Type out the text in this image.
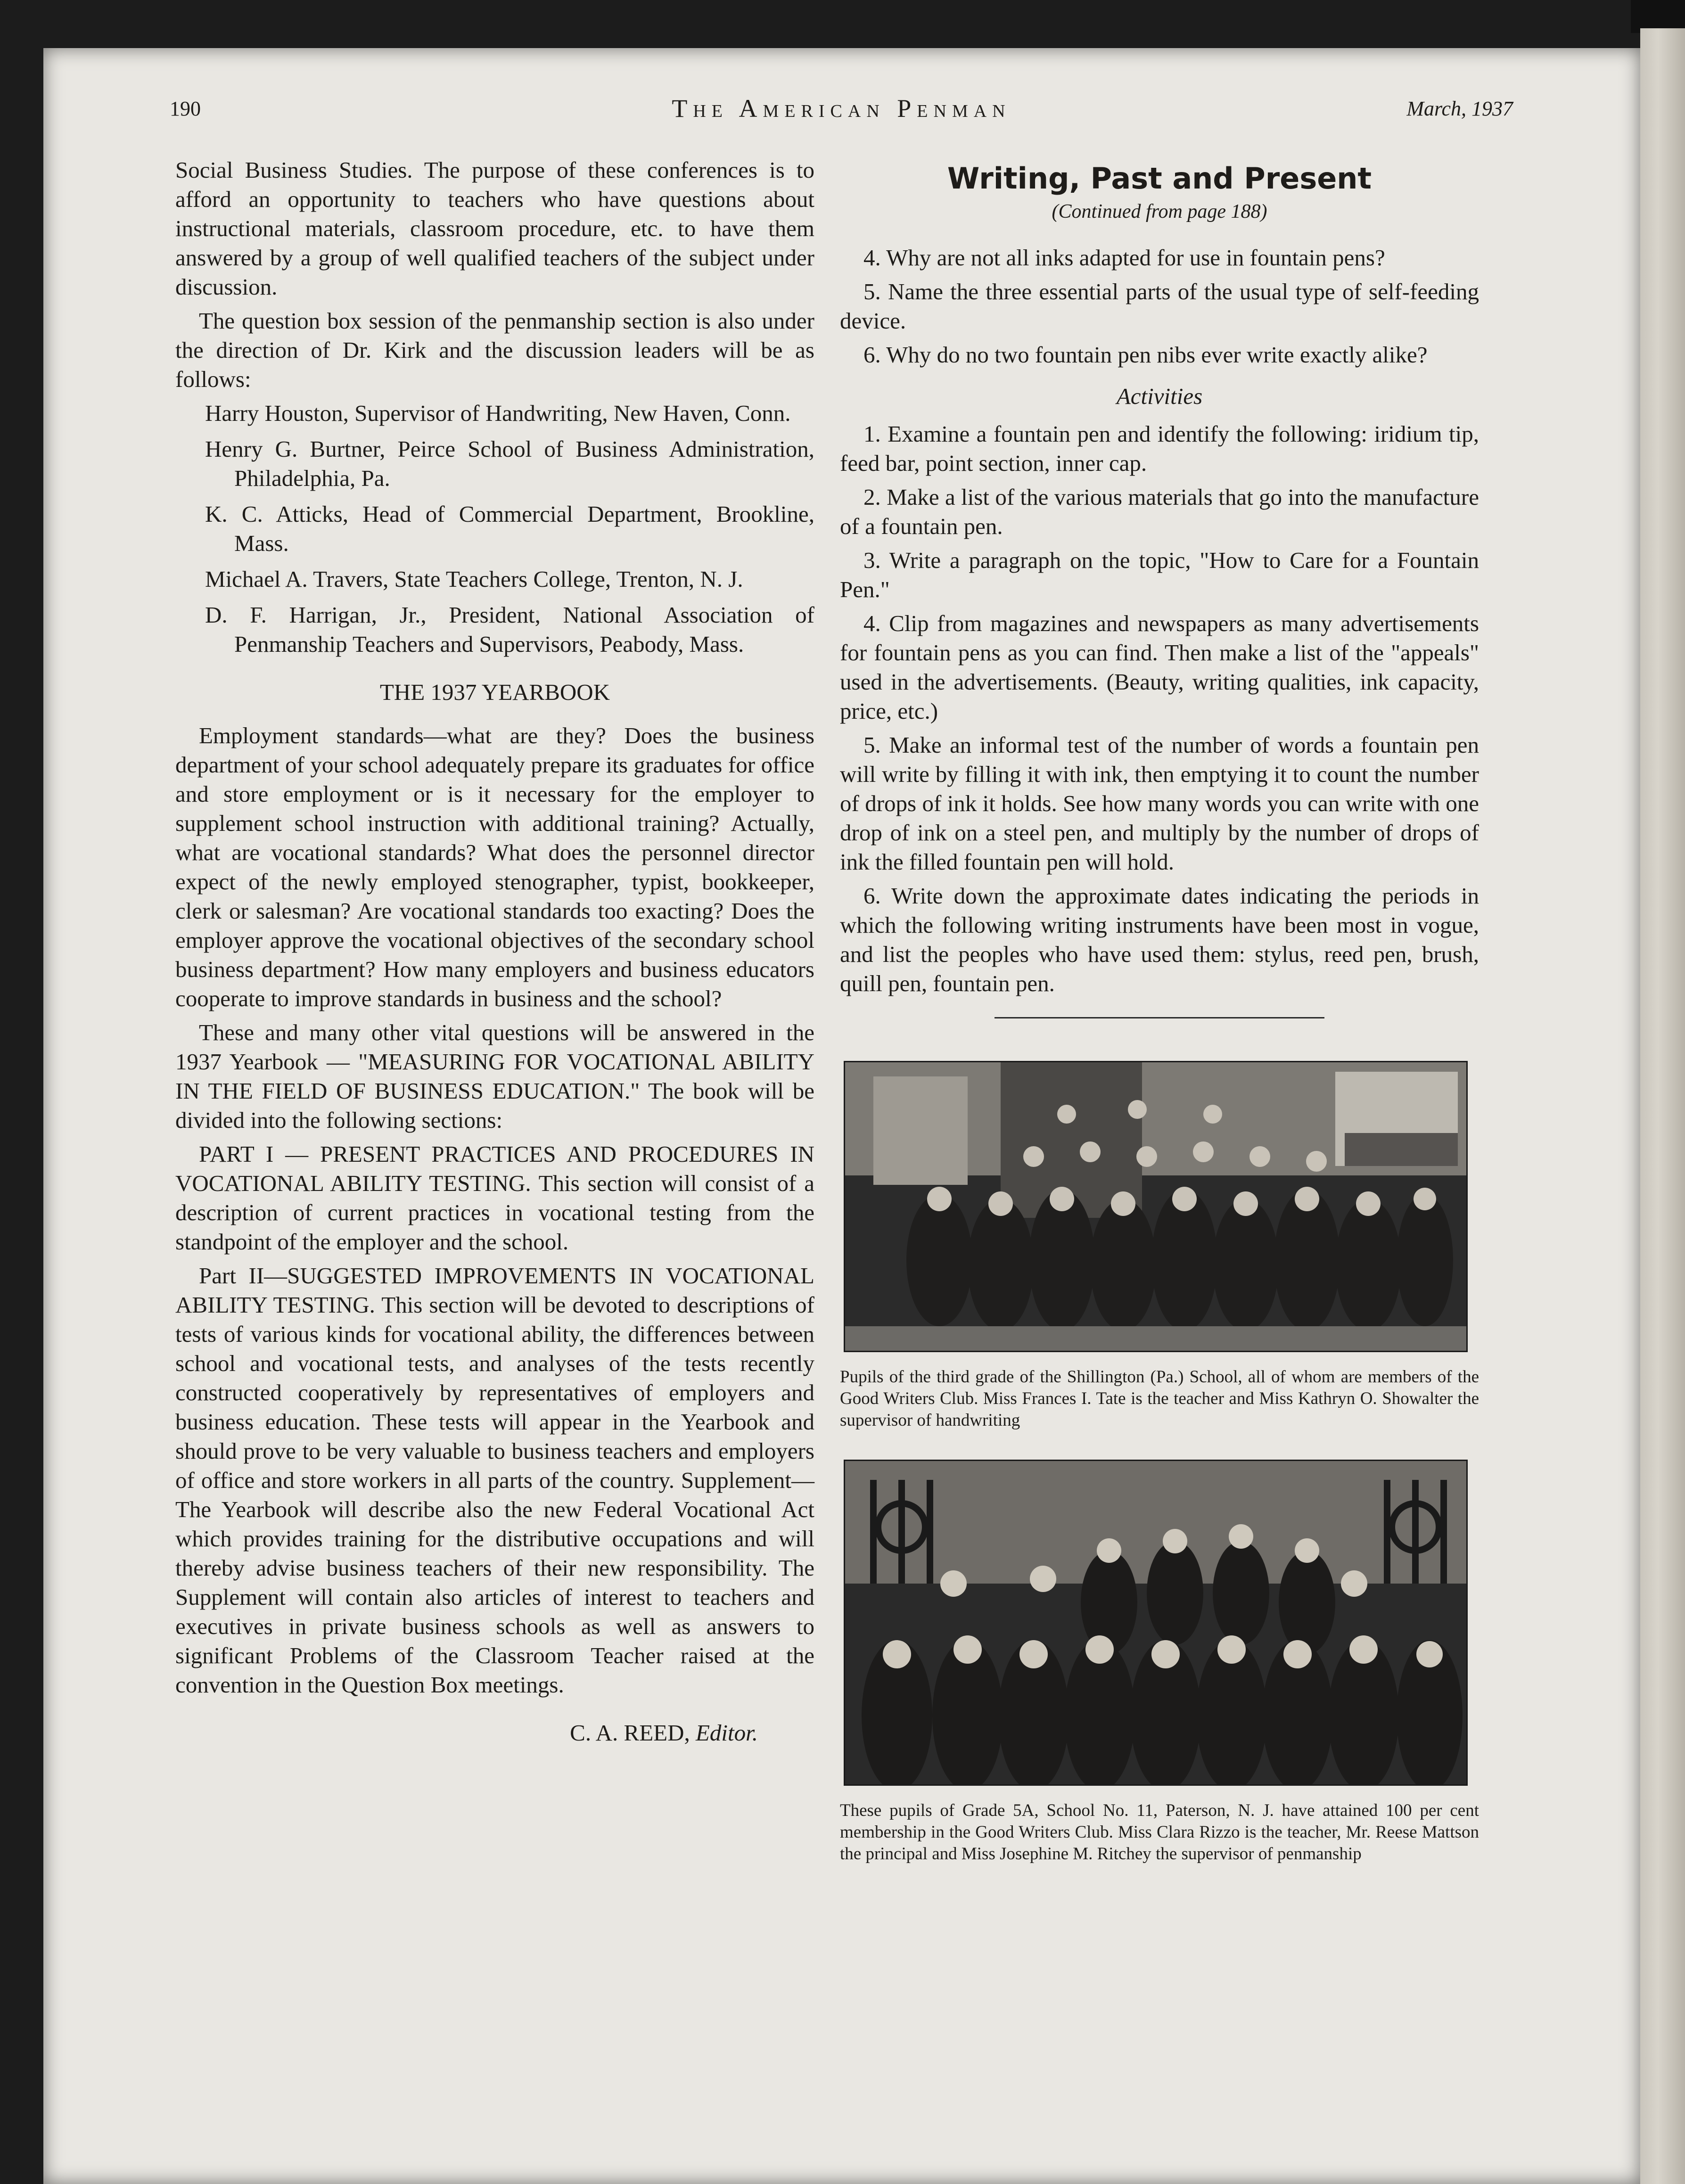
190	The American Penman	March, 1937

Social Business Studies. The purpose of these conferences is to afford an opportunity to teachers who have questions about instructional materials, classroom procedure, etc. to have them answered by a group of well qualified teachers of the subject under discussion.

The question box session of the penmanship section is also under the direction of Dr. Kirk and the discussion leaders will be as follows:

Harry Houston, Supervisor of Handwriting, New Haven, Conn.

Henry G. Burtner, Peirce School of Business Administration, Philadelphia, Pa.

K. C. Atticks, Head of Commercial Department, Brookline, Mass.

Michael A. Travers, State Teachers College, Trenton, N. J.

D. F. Harrigan, Jr., President, National Association of Penmanship Teachers and Supervisors, Peabody, Mass.

THE 1937 YEARBOOK

Employment standards—what are they? Does the business department of your school adequately prepare its graduates for office and store employment or is it necessary for the employer to supplement school instruction with additional training? Actually, what are vocational standards? What does the personnel director expect of the newly employed stenographer, typist, bookkeeper, clerk or salesman? Are vocational standards too exacting? Does the employer approve the vocational objectives of the secondary school business department? How many employers and business educators cooperate to improve standards in business and the school?

These and many other vital questions will be answered in the 1937 Yearbook — "MEASURING FOR VOCATIONAL ABILITY IN THE FIELD OF BUSINESS EDUCATION." The book will be divided into the following sections:

PART I — PRESENT PRACTICES AND PROCEDURES IN VOCATIONAL ABILITY TESTING. This section will consist of a description of current practices in vocational testing from the standpoint of the employer and the school.

Part II—SUGGESTED IMPROVEMENTS IN VOCATIONAL ABILITY TESTING. This section will be devoted to descriptions of tests of various kinds for vocational ability, the differences between school and vocational tests, and analyses of the tests recently constructed cooperatively by representatives of employers and business education. These tests will appear in the Yearbook and should prove to be very valuable to business teachers and employers of office and store workers in all parts of the country. Supplement—The Yearbook will describe also the new Federal Vocational Act which provides training for the distributive occupations and will thereby advise business teachers of their new responsibility. The Supplement will contain also articles of interest to teachers and executives in private business schools as well as answers to significant Problems of the Classroom Teacher raised at the convention in the Question Box meetings.

C. A. REED, Editor.
Writing, Past and Present
(Continued from page 188)

4. Why are not all inks adapted for use in fountain pens?

5. Name the three essential parts of the usual type of self-feeding device.

6. Why do no two fountain pen nibs ever write exactly alike?

Activities

1. Examine a fountain pen and identify the following: iridium tip, feed bar, point section, inner cap.

2. Make a list of the various materials that go into the manufacture of a fountain pen.

3. Write a paragraph on the topic, "How to Care for a Fountain Pen."

4. Clip from magazines and newspapers as many advertisements for fountain pens as you can find. Then make a list of the "appeals" used in the advertisements. (Beauty, writing qualities, ink capacity, price, etc.)

5. Make an informal test of the number of words a fountain pen will write by filling it with ink, then emptying it to count the number of drops of ink it holds. See how many words you can write with one drop of ink on a steel pen, and multiply by the number of drops of ink the filled fountain pen will hold.

6. Write down the approximate dates indicating the periods in which the following writing instruments have been most in vogue, and list the peoples who have used them: stylus, reed pen, brush, quill pen, fountain pen.

Pupils of the third grade of the Shillington (Pa.) School, all of whom are members of the Good Writers Club. Miss Frances I. Tate is the teacher and Miss Kathryn O. Showalter the supervisor of handwriting

These pupils of Grade 5A, School No. 11, Paterson, N. J. have attained 100 per cent membership in the Good Writers Club. Miss Clara Rizzo is the teacher, Mr. Reese Mattson the principal and Miss Josephine M. Ritchey the supervisor of penmanship
